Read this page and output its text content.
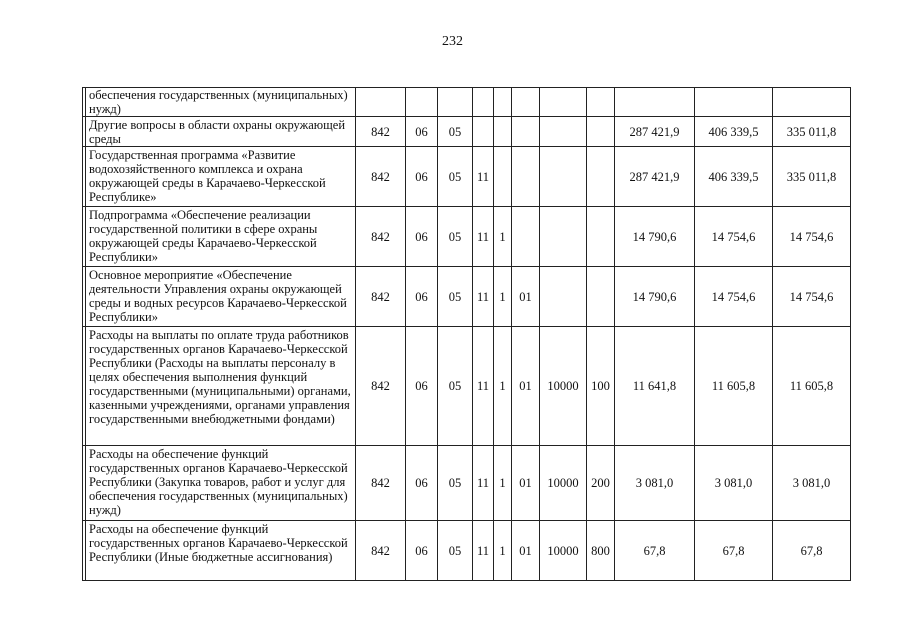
232
	обеспечения государственных (муниципальных) нужд)											
	Другие вопросы в области охраны окружающей среды	842	06	05						287 421,9	406 339,5	335 011,8
	Государственная программа «Развитие водохозяйственного комплекса и охрана окружающей среды в Карачаево-Черкесской Республике»	842	06	05	11					287 421,9	406 339,5	335 011,8
	Подпрограмма «Обеспечение реализации государственной политики в сфере охраны окружающей среды Карачаево-Черкесской Республики»	842	06	05	11	1				14 790,6	14 754,6	14 754,6
	Основное мероприятие «Обеспечение деятельности Управления охраны окружающей среды и водных ресурсов Карачаево-Черкесской Республики»	842	06	05	11	1	01			14 790,6	14 754,6	14 754,6
	Расходы на выплаты по оплате труда работников государственных органов Карачаево-Черкесской Республики (Расходы на выплаты персоналу в целях обеспечения выполнения функций государственными (муниципальными) органами, казенными учреждениями, органами управления государственными внебюджетными фондами)	842	06	05	11	1	01	10000	100	11 641,8	11 605,8	11 605,8
	Расходы на обеспечение функций государственных органов Карачаево-Черкесской Республики (Закупка товаров, работ и услуг для обеспечения государственных (муниципальных) нужд)	842	06	05	11	1	01	10000	200	3 081,0	3 081,0	3 081,0
	Расходы на обеспечение функций государственных органов Карачаево-Черкесской Республики (Иные бюджетные ассигнования)	842	06	05	11	1	01	10000	800	67,8	67,8	67,8
